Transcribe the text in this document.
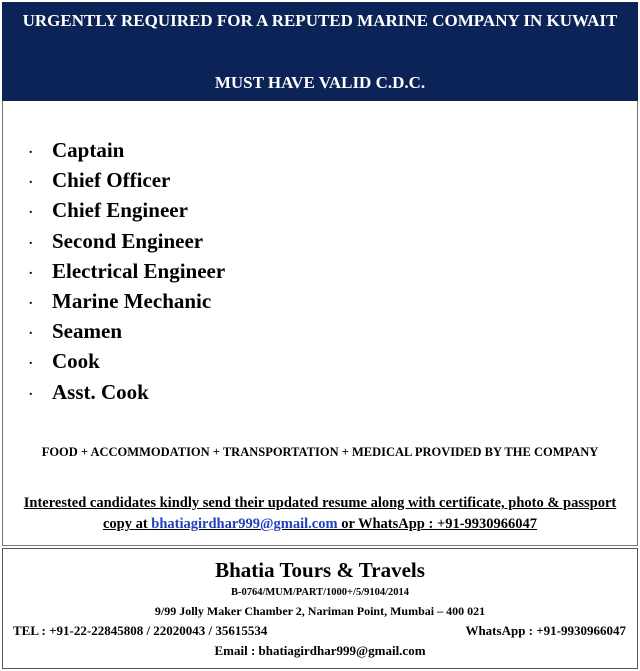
URGENTLY REQUIRED FOR A REPUTED MARINE COMPANY IN KUWAIT
MUST HAVE VALID C.D.C.
. Captain
. Chief Officer
. Chief Engineer
. Second Engineer
. Electrical Engineer
. Marine Mechanic
. Seamen
. Cook
. Asst. Cook
FOOD + ACCOMMODATION + TRANSPORTATION + MEDICAL PROVIDED BY THE COMPANY
Interested candidates kindly send their updated resume along with certificate, photo & passport copy at bhatiagirdhar999@gmail.com or WhatsApp : +91-9930966047
Bhatia Tours & Travels
B-0764/MUM/PART/1000+/5/9104/2014
9/99 Jolly Maker Chamber 2, Nariman Point, Mumbai – 400 021
TEL : +91-22-22845808 / 22020043 / 35615534	WhatsApp : +91-9930966047
Email : bhatiagirdhar999@gmail.com
